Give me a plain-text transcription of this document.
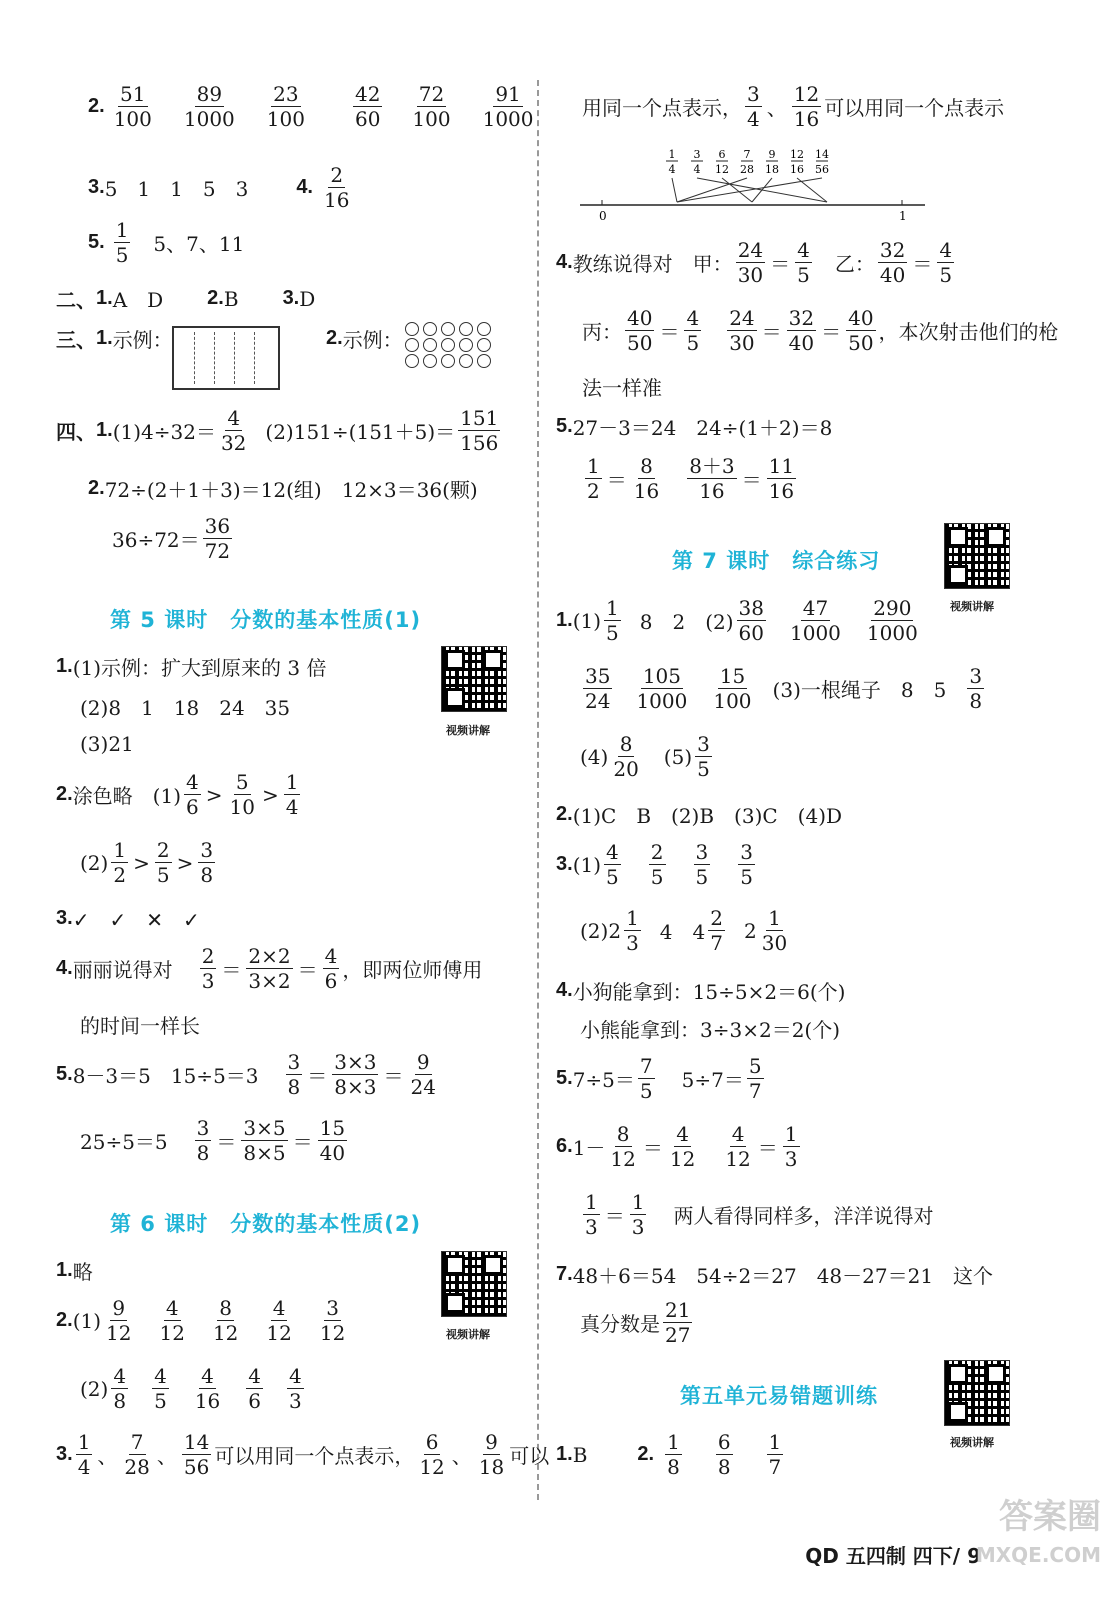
1
4
3
4
6
12
7
28
9
18
12
16
14
56
0	1
视频讲解
视频讲解
视频讲解
视频讲解
QD 五四制 四下/ 9
答案圈
MXQE.COM
2. $\frac{51}{100} \frac{89}{1000} \frac{23}{100} \frac{42}{60} \frac{72}{100} \frac{91}{1000}$
3. 5　1　1　5　3 4. $\frac{2}{16}$
5. $\frac{1}{5} 5$、7、11
二、 1. A　D 2. B 3. D
三、 1. 示例：	2. 示例：
四、 1. $(1)4\div 32= \frac{4}{32} (2)151\div(151+5)= \frac{151}{156}$
2. 72÷(2＋1＋3)＝12(组)　12×3＝36(颗)
$36\div 72= \frac{36}{72}$
第 5 课时　分数的基本性质(1)
1. (1)示例：扩大到原来的 3 倍
(2)8　1　18　24　35
(3)21
2. 涂色略　$(1) \frac{4}{6} > \frac{5}{10} > \frac{1}{4}$
$(2) \frac{1}{2} > \frac{2}{5} > \frac{3}{8}$
3. ✓　✓　✕　✓
4. 丽丽说得对 $\frac{2}{3} = \frac{2\times 2}{3\times 2} = \frac{4}{6}$ ，即两位师傅用
的时间一样长
5. 8－3＝5　$15\div 5=3 \frac{3}{8} = \frac{3\times 3}{8\times 3} = \frac{9}{24}$
$25\div 5=5 \frac{3}{8} = \frac{3\times 5}{8\times 5} = \frac{15}{40}$
第 6 课时　分数的基本性质(2)
1. 略
2. $(1) \frac{9}{12} \frac{4}{12} \frac{8}{12} \frac{4}{12} \frac{3}{12}$
$(2) \frac{4}{8} \frac{4}{5} \frac{4}{16} \frac{4}{6} \frac{4}{3}$
3. $\frac{1}{4}$ 、 $\frac{7}{28}$ 、 $\frac{14}{56}$ 可以用同一个点表示， $\frac{6}{12}$ 、 $\frac{9}{18}$ 可以
用同一个点表示， $\frac{3}{4}$ 、 $\frac{12}{16}$ 可以用同一个点表示
4. 教练说得对　甲： $\frac{24}{30} = \frac{4}{5}$ 乙： $\frac{32}{40} = \frac{4}{5}$
丙： $\frac{40}{50} = \frac{4}{5} \frac{24}{30} = \frac{32}{40} = \frac{40}{50}$ ，本次射击他们的枪
法一样准
5. 27－3＝24　24÷(1＋2)＝8
$\frac{1}{2} = \frac{8}{16} \frac{8+3}{16} = \frac{11}{16}$
第 7 课时　综合练习
1. $(1) \frac{1}{5} 8$　2　$(2) \frac{38}{60} \frac{47}{1000} \frac{290}{1000}$
$\frac{35}{24} \frac{105}{1000} \frac{15}{100} (3)$一根绳子　8　$5 \frac{3}{8}$
$(4) \frac{8}{20} (5) \frac{3}{5}$
2. (1)C　B　(2)B　(3)C　(4)D
3. $(1) \frac{4}{5} \frac{2}{5} \frac{3}{5} \frac{3}{5}$
$(2)2 \frac{1}{3} 4$　$4 \frac{2}{7} 2 \frac{1}{30}$
4. 小狗能拿到：15÷5×2＝6(个)
小熊能拿到：3÷3×2＝2(个)
5. $7\div 5= \frac{7}{5} 5\div 7= \frac{5}{7}$
6. $1- \frac{8}{12} = \frac{4}{12} \frac{4}{12} = \frac{1}{3}$
$\frac{1}{3} = \frac{1}{3}$ 两人看得同样多，洋洋说得对
7. 48＋6＝54　54÷2＝27　48－27＝21　这个
真分数是 $\frac{21}{27}$
第五单元易错题训练
1. B	2. $\frac{1}{8} \frac{6}{8} \frac{1}{7}$
